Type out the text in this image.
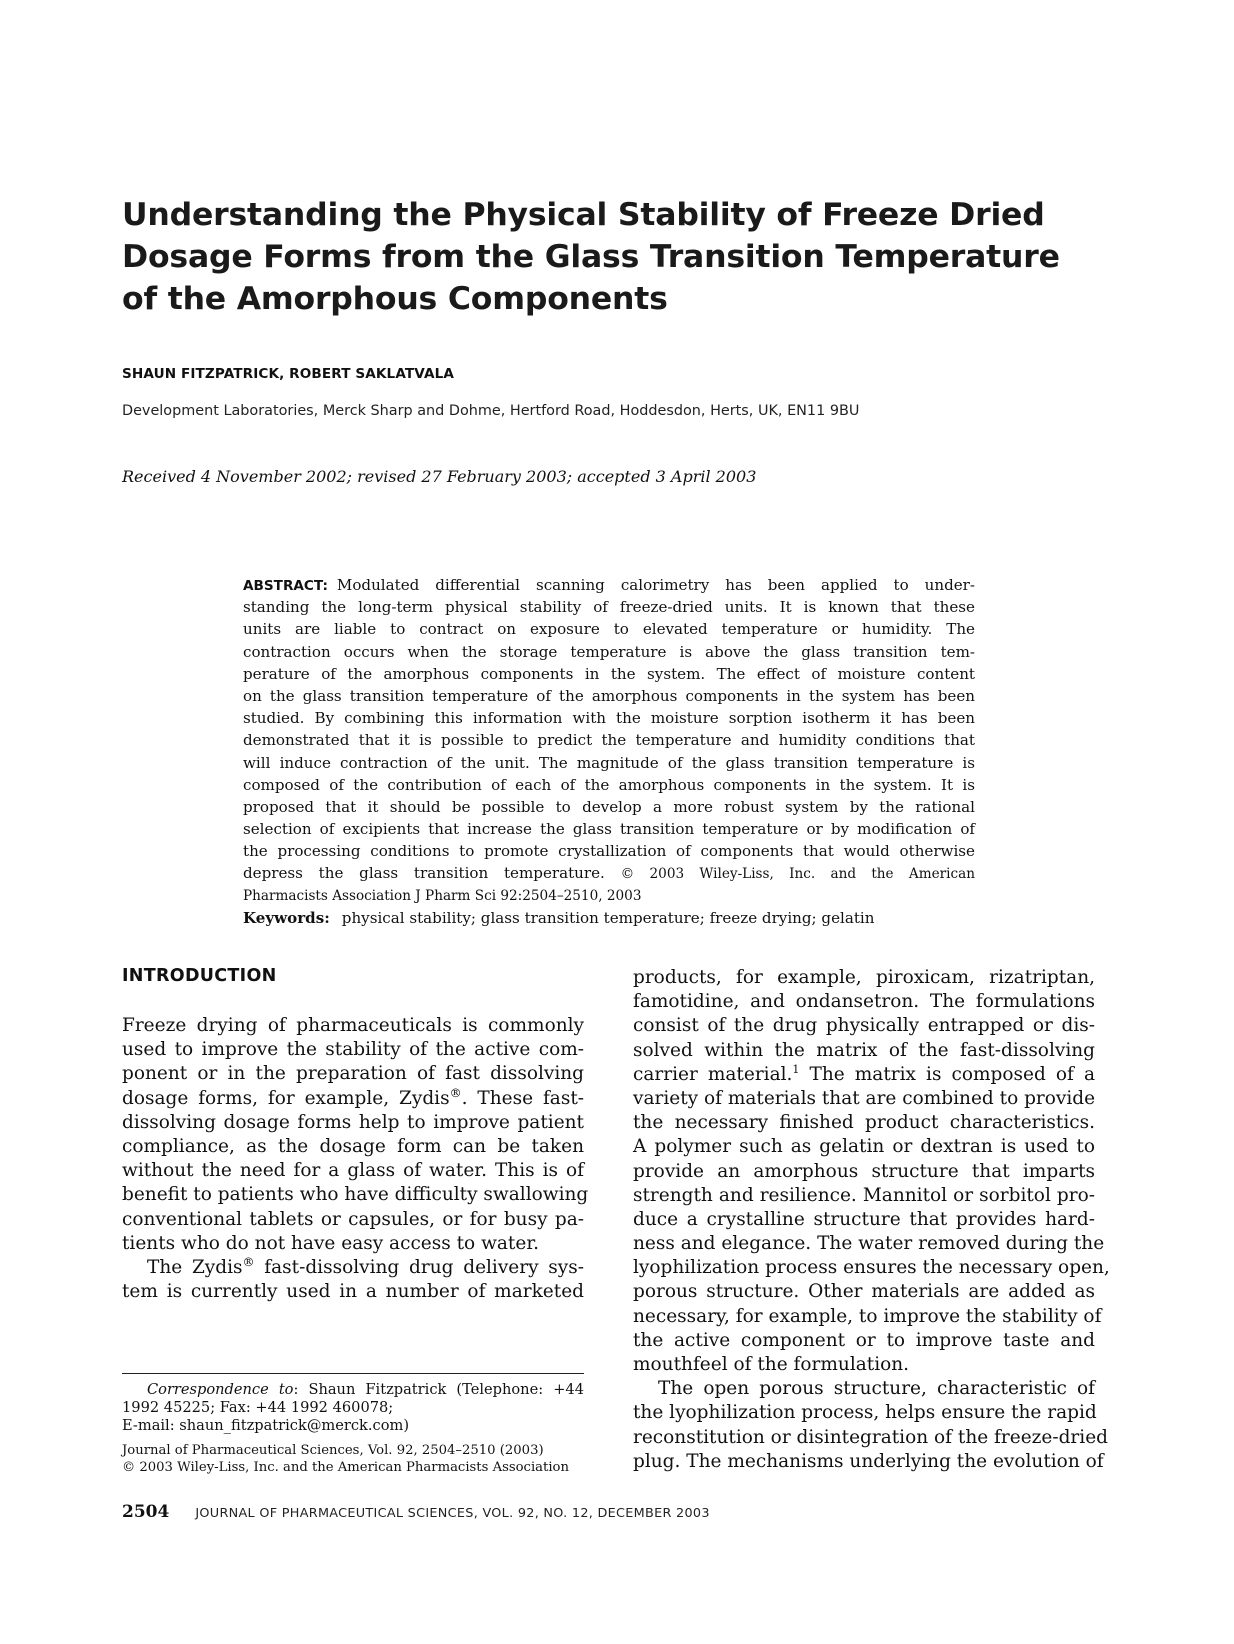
Understanding the Physical Stability of Freeze Dried
Dosage Forms from the Glass Transition Temperature
of the Amorphous Components
SHAUN FITZPATRICK, ROBERT SAKLATVALA
Development Laboratories, Merck Sharp and Dohme, Hertford Road, Hoddesdon, Herts, UK, EN11 9BU
Received 4 November 2002; revised 27 February 2003; accepted 3 April 2003
ABSTRACT: Modulated differential scanning calorimetry has been applied to under-
standing the long-term physical stability of freeze-dried units. It is known that these
units are liable to contract on exposure to elevated temperature or humidity. The
contraction occurs when the storage temperature is above the glass transition tem-
perature of the amorphous components in the system. The effect of moisture content
on the glass transition temperature of the amorphous components in the system has been
studied. By combining this information with the moisture sorption isotherm it has been
demonstrated that it is possible to predict the temperature and humidity conditions that
will induce contraction of the unit. The magnitude of the glass transition temperature is
composed of the contribution of each of the amorphous components in the system. It is
proposed that it should be possible to develop a more robust system by the rational
selection of excipients that increase the glass transition temperature or by modification of
the processing conditions to promote crystallization of components that would otherwise
depress the glass transition temperature. © 2003 Wiley-Liss, Inc. and the American
Pharmacists Association J Pharm Sci 92:2504–2510, 2003
Keywords: physical stability; glass transition temperature; freeze drying; gelatin
INTRODUCTION
Freeze drying of pharmaceuticals is commonly
used to improve the stability of the active com-
ponent or in the preparation of fast dissolving
dosage forms, for example, Zydis®. These fast-
dissolving dosage forms help to improve patient
compliance, as the dosage form can be taken
without the need for a glass of water. This is of
benefit to patients who have difficulty swallowing
conventional tablets or capsules, or for busy pa-
tients who do not have easy access to water.
The Zydis® fast-dissolving drug delivery sys-
tem is currently used in a number of marketed
products, for example, piroxicam, rizatriptan,
famotidine, and ondansetron. The formulations
consist of the drug physically entrapped or dis-
solved within the matrix of the fast-dissolving
carrier material.$^1$ The matrix is composed of a
variety of materials that are combined to provide
the necessary finished product characteristics.
A polymer such as gelatin or dextran is used to
provide an amorphous structure that imparts
strength and resilience. Mannitol or sorbitol pro-
duce a crystalline structure that provides hard-
ness and elegance. The water removed during the
lyophilization process ensures the necessary open,
porous structure. Other materials are added as
necessary, for example, to improve the stability of
the active component or to improve taste and
mouthfeel of the formulation.
The open porous structure, characteristic of
the lyophilization process, helps ensure the rapid
reconstitution or disintegration of the freeze-dried
plug. The mechanisms underlying the evolution of
Correspondence to: Shaun Fitzpatrick (Telephone: +44
1992 45225; Fax: +44 1992 460078;
E-mail: shaun_fitzpatrick@merck.com)
Journal of Pharmaceutical Sciences, Vol. 92, 2504–2510 (2003)
© 2003 Wiley-Liss, Inc. and the American Pharmacists Association
2504 JOURNAL OF PHARMACEUTICAL SCIENCES, VOL. 92, NO. 12, DECEMBER 2003
